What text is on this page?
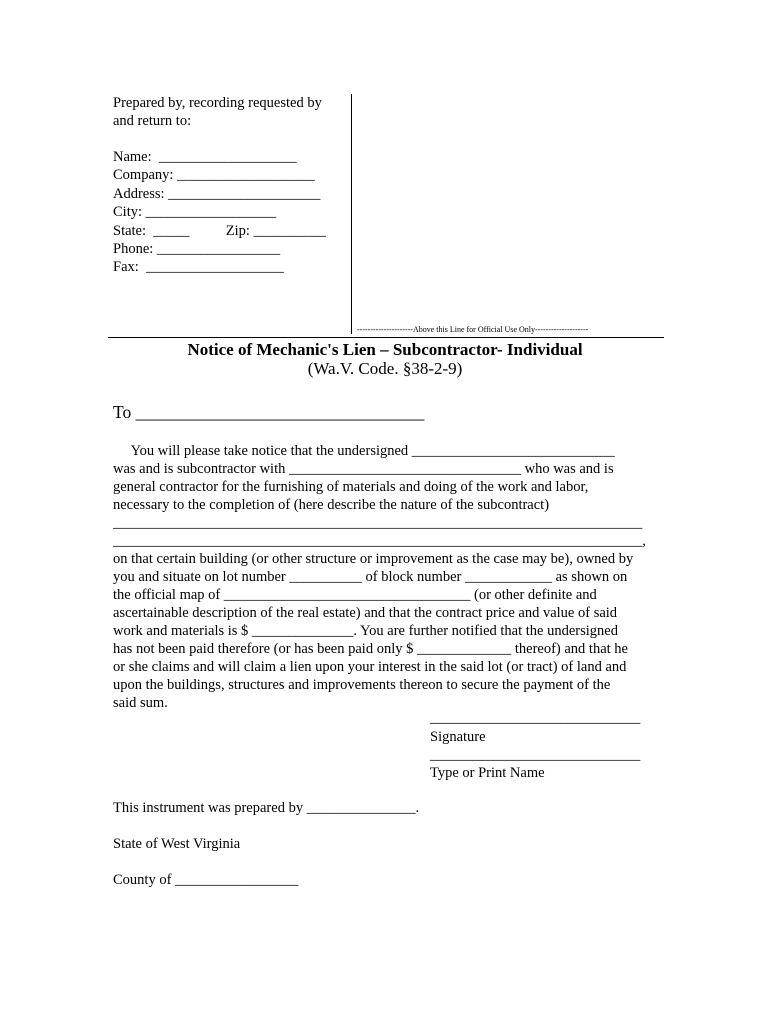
Prepared by, recording requested by
and return to:
Name:  ___________________
Company: ___________________
Address: _____________________
City: __________________
State:  _____          Zip: __________
Phone: _________________
Fax:  ___________________
---------------------Above this Line for Official Use Only--------------------
Notice of Mechanic's Lien – Subcontractor- Individual
(Wa.V. Code. §38-2-9)
To _________________________________
You will please take notice that the undersigned ____________________________
was and is subcontractor with ________________________________ who was and is
general contractor for the furnishing of materials and doing of the work and labor,
necessary to the completion of (here describe the nature of the subcontract)
_________________________________________________________________________
_________________________________________________________________________,
on that certain building (or other structure or improvement as the case may be), owned by
you and situate on lot number __________ of block number ____________ as shown on
the official map of __________________________________ (or other definite and
ascertainable description of the real estate) and that the contract price and value of said
work and materials is $ ______________. You are further notified that the undersigned
has not been paid therefore (or has been paid only $ _____________ thereof) and that he
or she claims and will claim a lien upon your interest in the said lot (or tract) of land and
upon the buildings, structures and improvements thereon to secure the payment of the
said sum.
_____________________________
Signature
_____________________________
Type or Print Name
This instrument was prepared by _______________.
State of West Virginia
County of _________________
